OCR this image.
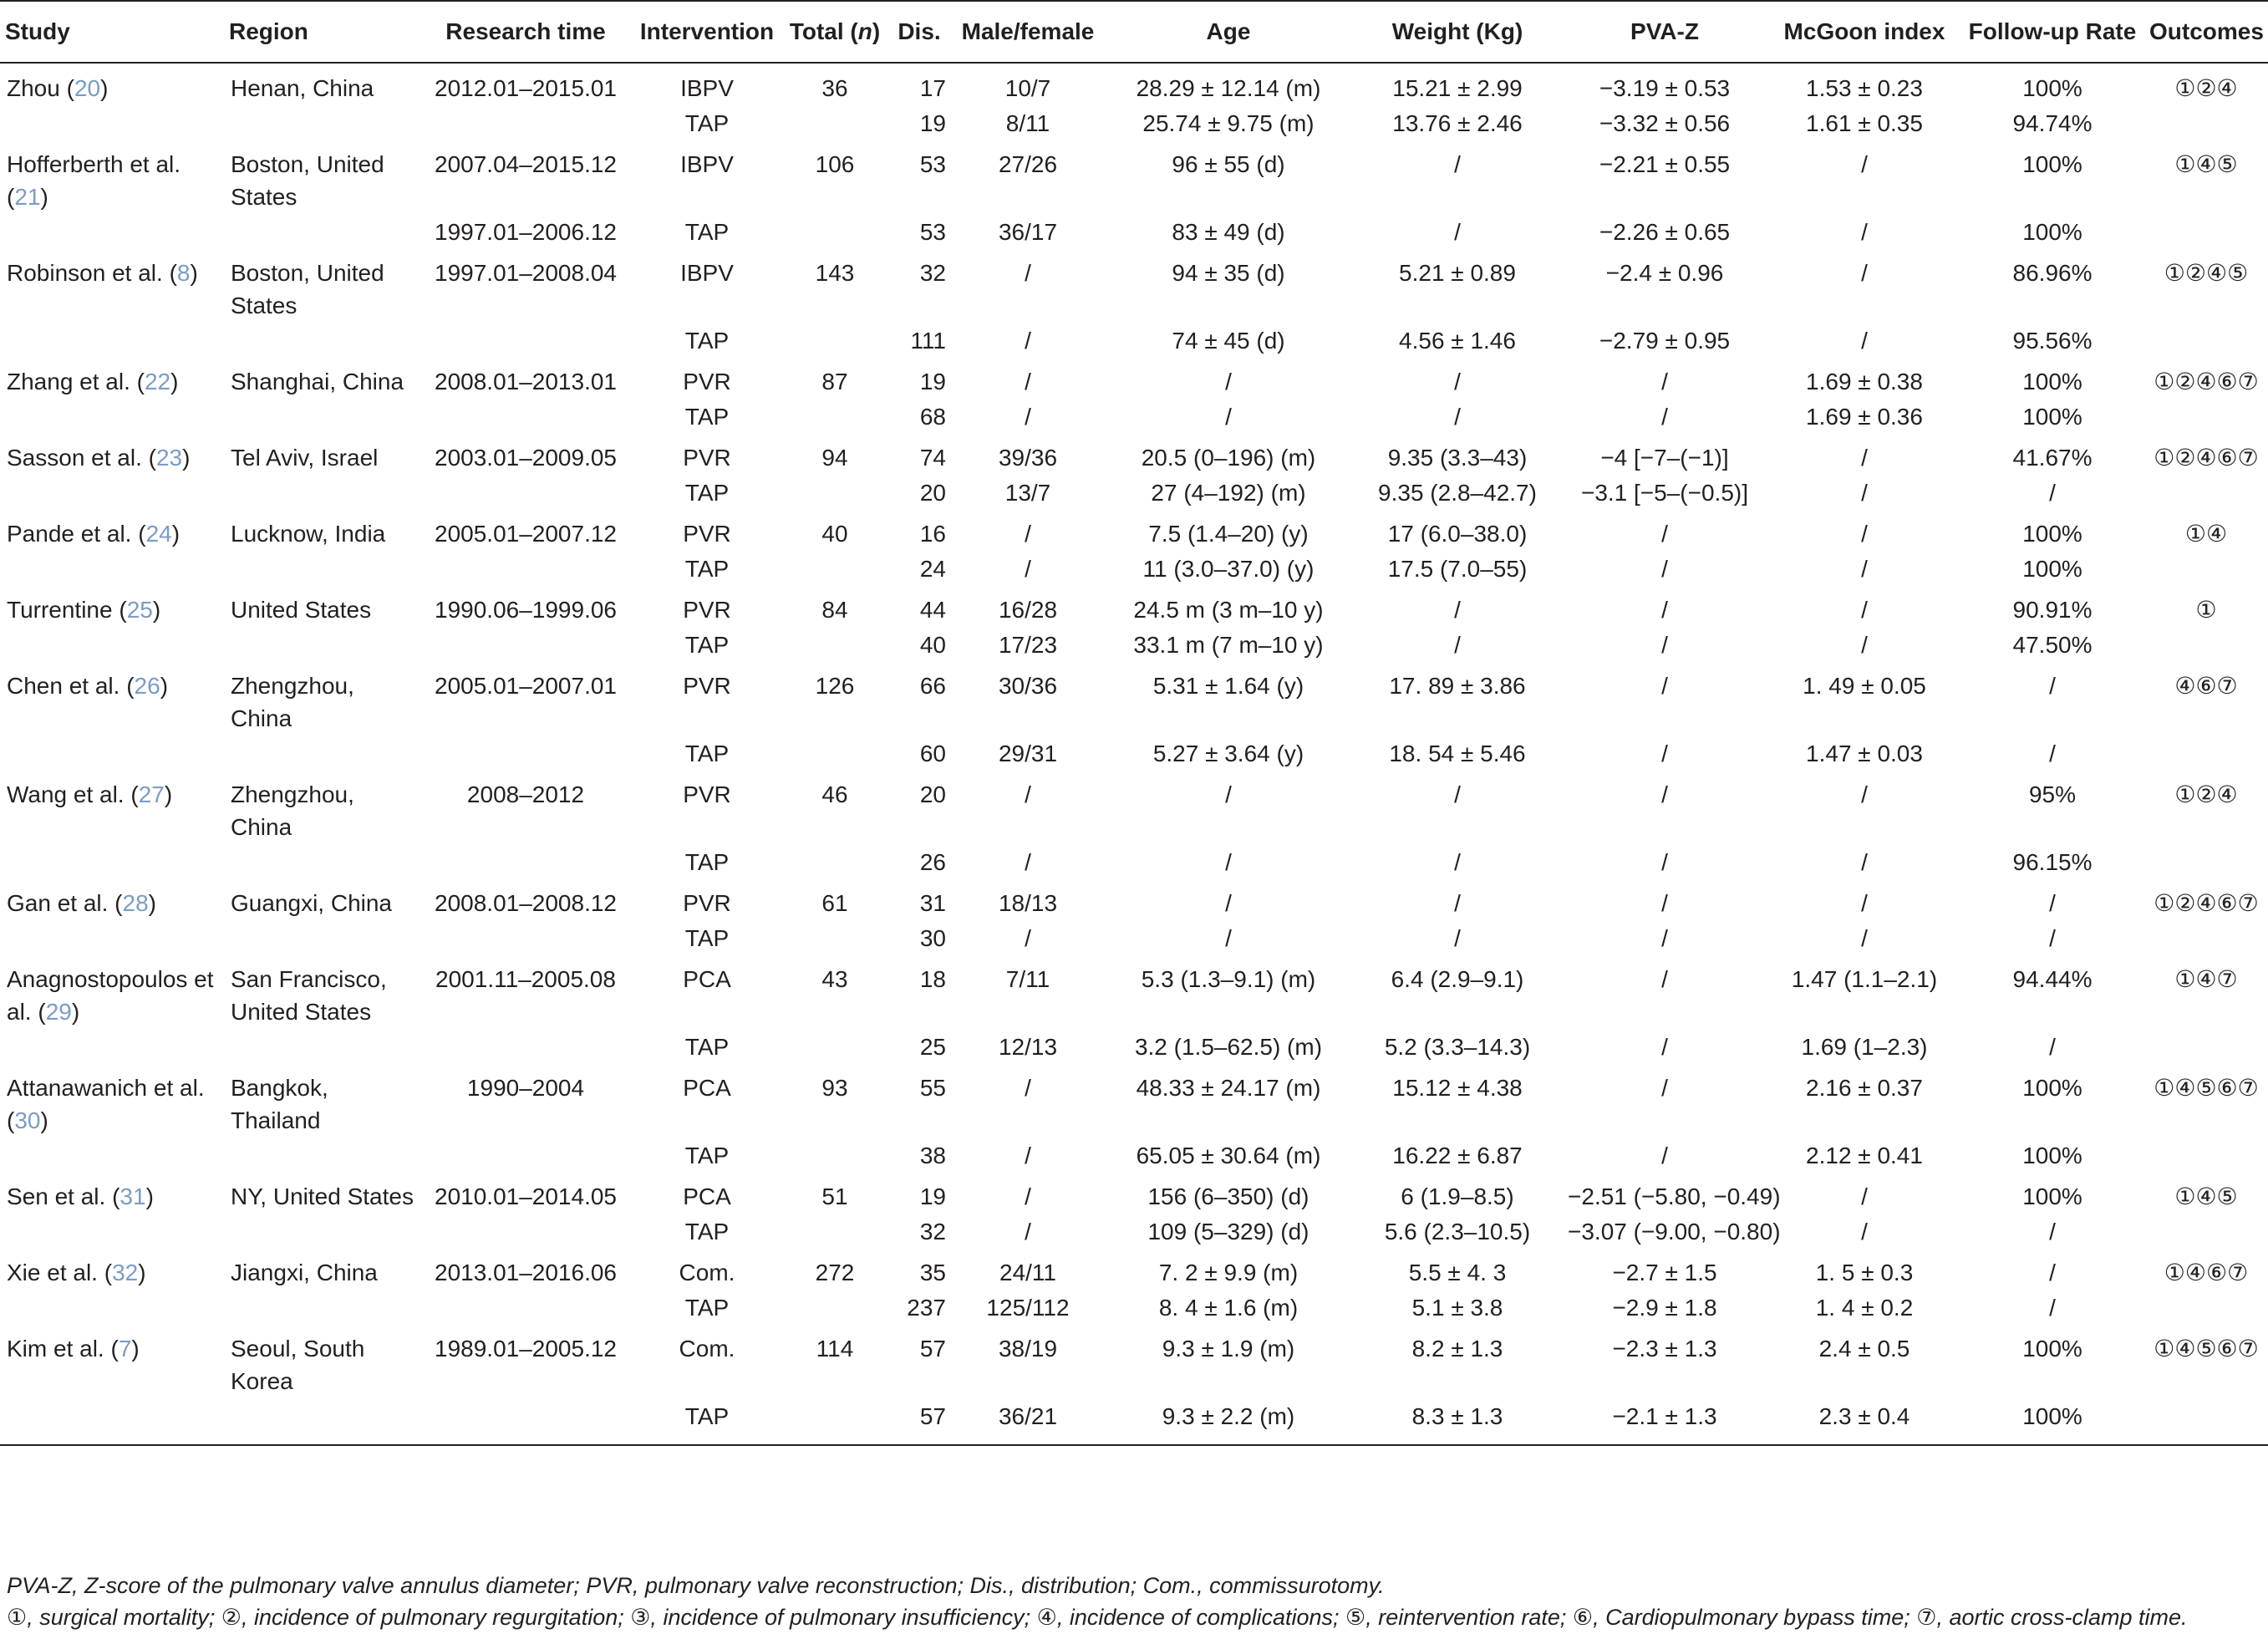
Study	Region	Research time	Intervention	Total (n)	Dis.	Male/female	Age	Weight (Kg)	PVA-Z	McGoon index	Follow-up Rate	Outcomes
Zhou (20)	Henan, China	2012.01–2015.01	IBPV	36	17	10/7	28.29 ± 12.14 (m)	15.21 ± 2.99	−3.19 ± 0.53	1.53 ± 0.23	100%	①②④
			TAP		19	8/11	25.74 ± 9.75 (m)	13.76 ± 2.46	−3.32 ± 0.56	1.61 ± 0.35	94.74%	
Hofferberth et al. (21)	Boston, United States	2007.04–2015.12	IBPV	106	53	27/26	96 ± 55 (d)	/	−2.21 ± 0.55	/	100%	①④⑤
		1997.01–2006.12	TAP		53	36/17	83 ± 49 (d)	/	−2.26 ± 0.65	/	100%	
Robinson et al. (8)	Boston, United States	1997.01–2008.04	IBPV	143	32	/	94 ± 35 (d)	5.21 ± 0.89	−2.4 ± 0.96	/	86.96%	①②④⑤
			TAP		111	/	74 ± 45 (d)	4.56 ± 1.46	−2.79 ± 0.95	/	95.56%	
Zhang et al. (22)	Shanghai, China	2008.01–2013.01	PVR	87	19	/	/	/	/	1.69 ± 0.38	100%	①②④⑥⑦
			TAP		68	/	/	/	/	1.69 ± 0.36	100%	
Sasson et al. (23)	Tel Aviv, Israel	2003.01–2009.05	PVR	94	74	39/36	20.5 (0–196) (m)	9.35 (3.3–43)	−4 [−7–(−1)]	/	41.67%	①②④⑥⑦
			TAP		20	13/7	27 (4–192) (m)	9.35 (2.8–42.7)	−3.1 [−5–(−0.5)]	/	/	
Pande et al. (24)	Lucknow, India	2005.01–2007.12	PVR	40	16	/	7.5 (1.4–20) (y)	17 (6.0–38.0)	/	/	100%	①④
			TAP		24	/	11 (3.0–37.0) (y)	17.5 (7.0–55)	/	/	100%	
Turrentine (25)	United States	1990.06–1999.06	PVR	84	44	16/28	24.5 m (3 m–10 y)	/	/	/	90.91%	①
			TAP		40	17/23	33.1 m (7 m–10 y)	/	/	/	47.50%	
Chen et al. (26)	Zhengzhou, China	2005.01–2007.01	PVR	126	66	30/36	5.31 ± 1.64 (y)	17. 89 ± 3.86	/	1. 49 ± 0.05	/	④⑥⑦
			TAP		60	29/31	5.27 ± 3.64 (y)	18. 54 ± 5.46	/	1.47 ± 0.03	/	
Wang et al. (27)	Zhengzhou, China	2008–2012	PVR	46	20	/	/	/	/	/	95%	①②④
			TAP		26	/	/	/	/	/	96.15%	
Gan et al. (28)	Guangxi, China	2008.01–2008.12	PVR	61	31	18/13	/	/	/	/	/	①②④⑥⑦
			TAP		30	/	/	/	/	/	/	
Anagnostopoulos et al. (29)	San Francisco, United States	2001.11–2005.08	PCA	43	18	7/11	5.3 (1.3–9.1) (m)	6.4 (2.9–9.1)	/	1.47 (1.1–2.1)	94.44%	①④⑦
			TAP		25	12/13	3.2 (1.5–62.5) (m)	5.2 (3.3–14.3)	/	1.69 (1–2.3)	/	
Attanawanich et al. (30)	Bangkok, Thailand	1990–2004	PCA	93	55	/	48.33 ± 24.17 (m)	15.12 ± 4.38	/	2.16 ± 0.37	100%	①④⑤⑥⑦
			TAP		38	/	65.05 ± 30.64 (m)	16.22 ± 6.87	/	2.12 ± 0.41	100%	
Sen et al. (31)	NY, United States	2010.01–2014.05	PCA	51	19	/	156 (6–350) (d)	6 (1.9–8.5)	−2.51 (−5.80, −0.49)	/	100%	①④⑤
			TAP		32	/	109 (5–329) (d)	5.6 (2.3–10.5)	−3.07 (−9.00, −0.80)	/	/	
Xie et al. (32)	Jiangxi, China	2013.01–2016.06	Com.	272	35	24/11	7. 2 ± 9.9 (m)	5.5 ± 4. 3	−2.7 ± 1.5	1. 5 ± 0.3	/	①④⑥⑦
			TAP		237	125/112	8. 4 ± 1.6 (m)	5.1 ± 3.8	−2.9 ± 1.8	1. 4 ± 0.2	/	
Kim et al. (7)	Seoul, South Korea	1989.01–2005.12	Com.	114	57	38/19	9.3 ± 1.9 (m)	8.2 ± 1.3	−2.3 ± 1.3	2.4 ± 0.5	100%	①④⑤⑥⑦
			TAP		57	36/21	9.3 ± 2.2 (m)	8.3 ± 1.3	−2.1 ± 1.3	2.3 ± 0.4	100%	
PVA-Z, Z-score of the pulmonary valve annulus diameter; PVR, pulmonary valve reconstruction; Dis., distribution; Com., commissurotomy.
①, surgical mortality; ②, incidence of pulmonary regurgitation; ③, incidence of pulmonary insufficiency; ④, incidence of complications; ⑤, reintervention rate; ⑥, Cardiopulmonary bypass time; ⑦, aortic cross-clamp time.
